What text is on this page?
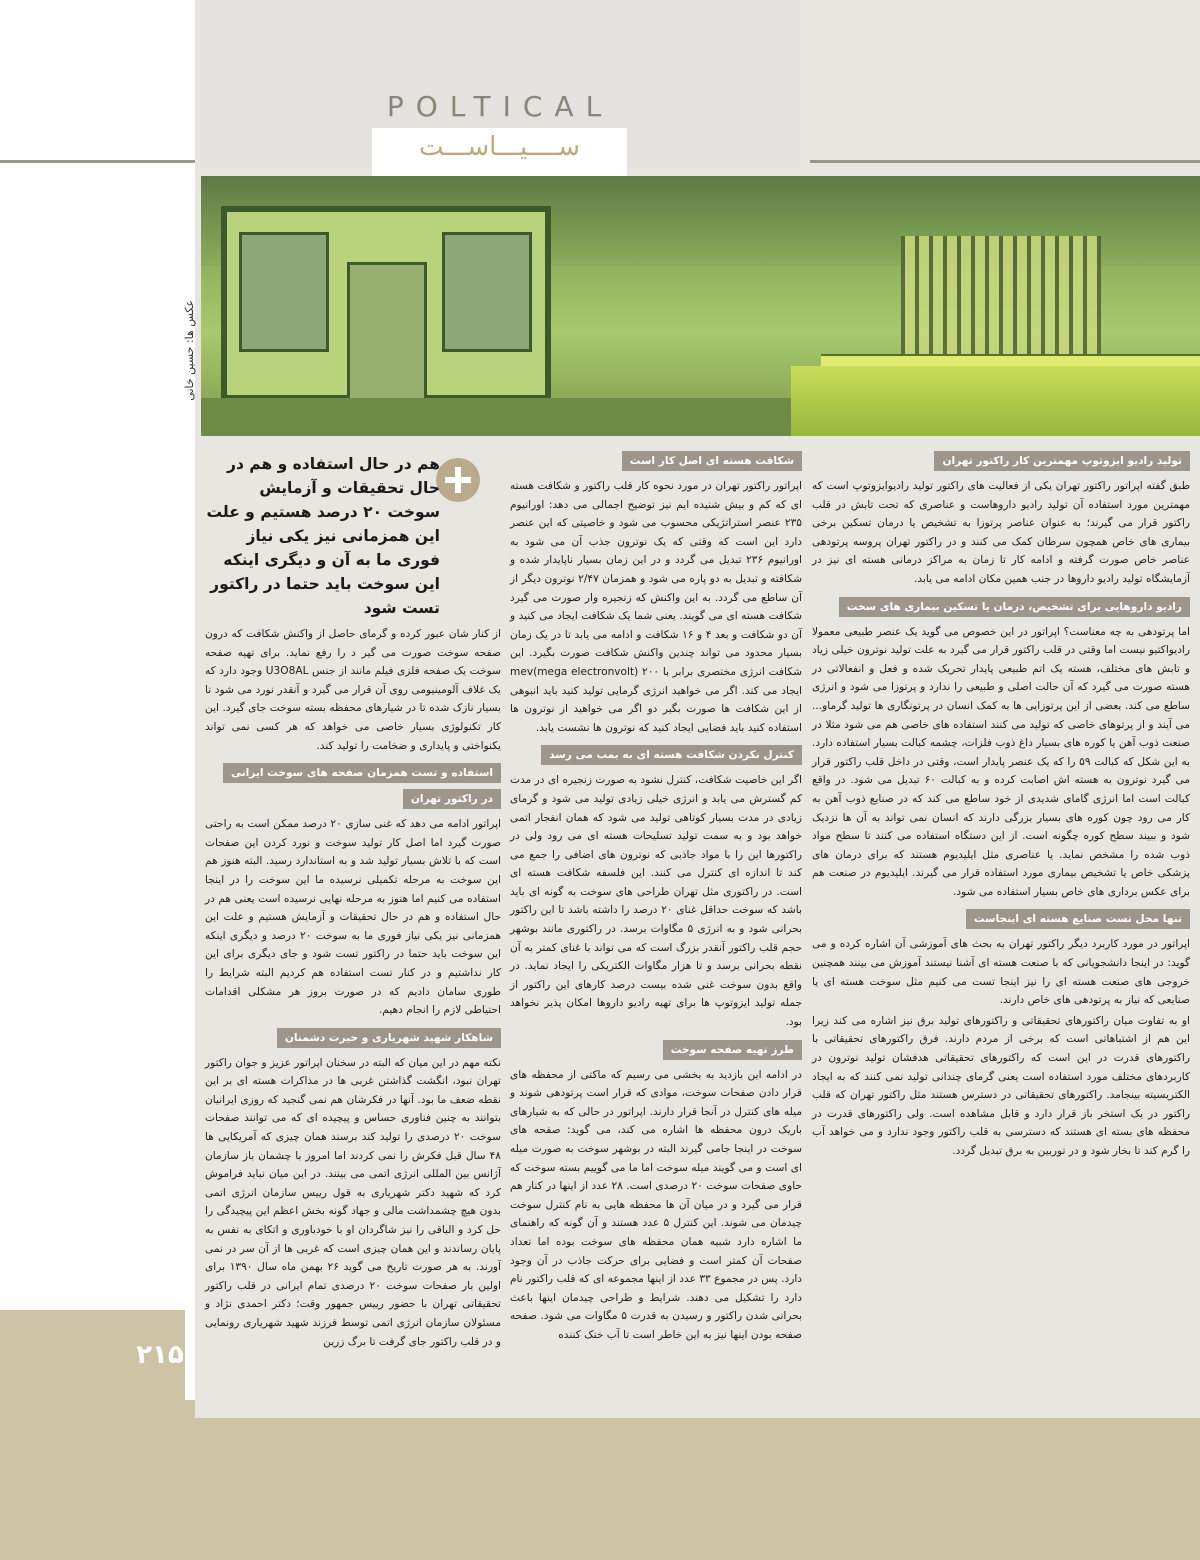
POLTICAL
ســــیـــاســـت
عکس ها: حسین خانی
تولید رادیو ایزوتوپ مهمترین کار راکتور تهران

طبق گفته اپراتور راکتور تهران یکی از فعالیت های راکتور تولید رادیوایزوتوپ است که مهمترین مورد استفاده آن تولید رادیو داروهاست و عناصری که تحت تابش در قلب راکتور قرار می گیرند؛ به عنوان عناصر پرتوزا به تشخیص یا درمان تسکین برخی بیماری های خاص همچون سرطان کمک می کنند و در راکتور تهران پروسه پرتودهی عناصر خاص صورت گرفته و ادامه کار تا زمان به مراکز درمانی هسته ای نیز در آزمایشگاه تولید رادیو داروها در جنب همین مکان ادامه می یابد.

رادیو داروهایی برای تشخیص، درمان یا تسکین بیماری های سخت

اما پرتودهی به چه معناست؟ اپراتور در این خصوص می گوید یک عنصر طبیعی معمولا رادیواکتیو نیست اما وقتی در قلب راکتور قرار می گیرد به علت تولید نوترون خیلی زیاد و تابش های مختلف، هسته یک اتم طبیعی پایدار تحریک شده و فعل و انفعالاتی در هسته صورت می گیرد که آن حالت اصلی و طبیعی را ندارد و پرتوزا می شود و انرژی ساطع می کند. بعضی از این پرتوزایی ها به کمک انسان در پرتونگاری ها تولید گرماو... می آیند و از پرتوهای خاصی که تولید می کنند استفاده های خاصی هم می شود مثلا در صنعت ذوب آهن یا کوره های بسیار داغ ذوب فلزات، چشمه کبالت بسیار استفاده دارد. به این شکل که کبالت ۵۹ را که یک عنصر پایدار است، وقتی در داخل قلب راکتور قرار می گیرد نوترون به هسته اش اصابت کرده و به کبالت ۶۰ تبدیل می شود. در واقع کبالت است اما انرژی گامای شدیدی از خود ساطع می کند که در صنایع ذوب آهن به کار می رود چون کوره های بسیار بزرگی دارند که انسان نمی تواند به آن ها نزدیک شود و ببیند سطح کوره چگونه است. از این دستگاه استفاده می کنند تا سطح مواد ذوب شده را مشخص نماید. یا عناصری مثل ایلیدیوم هستند که برای درمان های پزشکی خاص یا تشخیص بیماری مورد استفاده قرار می گیرند. ایلیدیوم در صنعت هم برای عکس برداری های خاص بسیار استفاده می شود.

تنها محل تست صنایع هسته ای اینجاست

اپراتور در مورد کاربرد دیگر راکتور تهران به بحث های آموزشی آن اشاره کرده و می گوید: در اینجا دانشجویانی که با صنعت هسته ای آشنا نیستند آموزش می بینند همچنین خروجی های صنعت هسته ای را نیز اینجا تست می کنیم مثل سوخت هسته ای یا صنایعی که نیاز به پرتودهی های خاص دارند.

او به تفاوت میان راکتورهای تحقیقاتی و راکتورهای تولید برق نیز اشاره می کند زیرا این هم از اشتباهاتی است که برخی از مردم دارند. فرق راکتورهای تحقیقاتی با راکتورهای قدرت در این است که راکتورهای تحقیقاتی هدفشان تولید نوترون در کاربردهای مختلف مورد استفاده است یعنی گرمای چندانی تولید نمی کنند که به ایجاد الکتریسیته بینجامد. راکتورهای تحقیقاتی در دسترس هستند مثل راکتور تهران که قلب راکتور در یک استخر باز قرار دارد و قابل مشاهده است. ولی راکتورهای قدرت در محفظه های بسته ای هستند که دسترسی به قلب راکتور وجود ندارد و می خواهد آب را گرم کند تا بخار شود و در توربین به برق تبدیل گردد.

شکافت هسته ای اصل کار است

اپراتور راکتور تهران در مورد نحوه کار قلب راکتور و شکافت هسته ای که کم و بیش شنیده ایم نیز توضیح اجمالی می دهد: اورانیوم ۲۳۵ عنصر استراتژیکی محسوب می شود و خاصیتی که این عنصر دارد این است که وقتی که یک نوترون جذب آن می شود به اورانیوم ۲۳۶ تبدیل می گردد و در این زمان بسیار ناپایدار شده و شکافته و تبدیل به دو پاره می شود و همزمان ۲/۴۷ نوترون دیگر از آن ساطع می گردد. به این واکنش که زنجیره وار صورت می گیرد شکافت هسته ای می گویند. یعنی شما یک شکافت ایجاد می کنید و آن دو شکافت و بعد ۴ و ۱۶ شکافت و ادامه می یابد تا در یک زمان بسیار محدود می تواند چندین واکنش شکافت صورت بگیرد. این شکافت انرژی مختصری برابر با ۲۰۰ mev(mega electronvolt) ایجاد می کند. اگر می خواهید انرژی گرمایی تولید کنید باید انبوهی از این شکافت ها صورت بگیر دو اگر می خواهید از نوترون ها استفاده کنید باید فضایی ایجاد کنید که نوترون ها نشست یابد.

کنترل نکردن شکافت هسته ای به بمب می رسد

اگر این خاصیت شکافت، کنترل نشود به صورت زنجیره ای در مدت کم گسترش می یابد و انرژی خیلی زیادی تولید می شود و گرمای زیادی در مدت بسیار کوتاهی تولید می شود که همان انفجار اتمی خواهد بود و به سمت تولید تسلیحات هسته ای می رود ولی در راکتورها این را با مواد جاذبی که نوترون های اضافی را جمع می کند تا اندازه ای کنترل می کنند. این فلسفه شکافت هسته ای است. در راکتوری مثل تهران طراحی های سوخت به گونه ای باید باشد که سوخت حداقل غنای ۲۰ درصد را داشته باشد تا این راکتور بحرانی شود و به انرژی ۵ مگاوات برسد. در راکتوری مانند بوشهر حجم قلب راکتور آنقدر بزرگ است که می تواند با غنای کمتر به آن نقطه بحرانی برسد و تا هزار مگاوات الکتریکی را ایجاد نماید. در واقع بدون سوخت غنی شده بیست درصد کارهای این راکتور از جمله تولید ایزوتوپ ها برای تهیه رادیو داروها امکان پذیر نخواهد بود.

طرز تهیه صفحه سوخت

در ادامه این بازدید به بخشی می رسیم که ماکتی از محفظه های قرار دادن صفحات سوخت، موادی که قرار است پرتودهی شوند و میله های کنترل در آنجا قرار دارند. اپراتور در حالی که به شیارهای باریک درون محفظه ها اشاره می کند، می گوید: صفحه های سوخت در اینجا جامی گیرند البته در بوشهر سوخت به صورت میله ای است و می گویند میله سوخت اما ما می گوییم بسته سوخت که حاوی صفحات سوخت ۲۰ درصدی است. ۲۸ عدد از اینها در کنار هم قرار می گیرد و در میان آن ها محفظه هایی به نام کنترل سوخت چیدمان می شوند. این کنترل ۵ عدد هستند و آن گونه که راهنمای ما اشاره دارد شبیه همان محفظه های سوخت بوده اما تعداد صفحات آن کمتر است و فضایی برای حرکت جاذب در آن وجود دارد. پس در مجموع ۳۳ عدد از اینها مجموعه ای که قلب راکتور نام دارد را تشکیل می دهند. شرایط و طراحی چیدمان اینها باعث بحرانی شدن راکتور و رسیدن به قدرت ۵ مگاوات می شود. صفحه صفحه بودن اینها نیز به این خاطر است تا آب خنک کننده

هم در حال استفاده و هم در حال تحقیقات و آزمایش سوخت ۲۰ درصد هستیم و علت این همزمانی نیز یکی نیاز فوری ما به آن و دیگری اینکه این سوخت باید حتما در راکتور تست شود

از کنار شان عبور کرده و گرمای حاصل از واکنش شکافت که درون صفحه سوخت صورت می گیر د را رفع نماید. برای تهیه صفحه سوخت یک صفحه فلزی فیلم مانند از جنس U3O8AL وجود دارد که یک غلاف آلومینیومی روی آن قرار می گیرد و آنقدر نورد می شود تا بسیار نازک شده تا در شیارهای محفظه بسته سوخت جای گیرد. این کار تکنولوژی بسیار خاصی می خواهد که هر کسی نمی تواند یکنواختی و پایداری و ضخامت را تولید کند.

استفاده و تست همزمان صفحه های سوخت ایرانی
در راکتور تهران

اپراتور ادامه می دهد که غنی سازی ۲۰ درصد ممکن است به راحتی صورت گیرد اما اصل کار تولید سوخت و نورد کردن این صفحات است که با تلاش بسیار تولید شد و به استاندارد رسید. البته هنوز هم این سوخت به مرحله تکمیلی نرسیده ما این سوخت را در اینجا استفاده می کنیم اما هنوز به مرحله نهایی نرسیده است یعنی هم در حال استفاده و هم در حال تحقیقات و آزمایش هستیم و علت این همزمانی نیز یکی نیاز فوری ما به سوخت ۲۰ درصد و دیگری اینکه این سوخت باید حتما در راکتور تست شود و جای دیگری برای این کار نداشتیم و در کنار تست استفاده هم کردیم البته شرایط را طوری سامان دادیم که در صورت بروز هر مشکلی اقدامات احتیاطی لازم را انجام دهیم.

شاهکار شهید شهریاری و حیرت دشمنان

نکته مهم در این میان که البته در سخنان اپراتور عزیز و جوان راکتور تهران نبود، انگشت گذاشتن غربی ها در مذاکرات هسته ای بر این نقطه ضعف ما بود. آنها در فکرشان هم نمی گنجید که روزی ایرانیان بتوانند به چنین فناوری حساس و پیچیده ای که می توانند صفحات سوخت ۲۰ درصدی را تولید کند برسند همان چیزی که آمریکایی ها ۴۸ سال قبل فکرش را نمی کردند اما امروز با چشمان باز سازمان آژانس بین المللی انرژی اتمی می بینند. در این میان نباید فراموش کرد که شهید دکتر شهریاری به قول رییس سازمان انرژی اتمی بدون هیچ چشمداشت مالی و جهاد گونه بخش اعظم این پیچیدگی را حل کرد و الباقی را نیز شاگردان او با خودباوری و اتکای به نفس به پایان رساندند و این همان چیزی است که غربی ها از آن سر در نمی آورند. به هر صورت تاریخ می گوید ۲۶ بهمن ماه سال ۱۳۹۰ برای اولین بار صفحات سوخت ۲۰ درصدی تمام ایرانی در قلب راکتور تحقیقاتی تهران با حضور رییس جمهور وقت؛ دکتر احمدی نژاد و مسئولان سازمان انرژی اتمی توسط فرزند شهید شهریاری رونمایی و در قلب راکتور جای گرفت تا برگ زرین

۲۱۵
